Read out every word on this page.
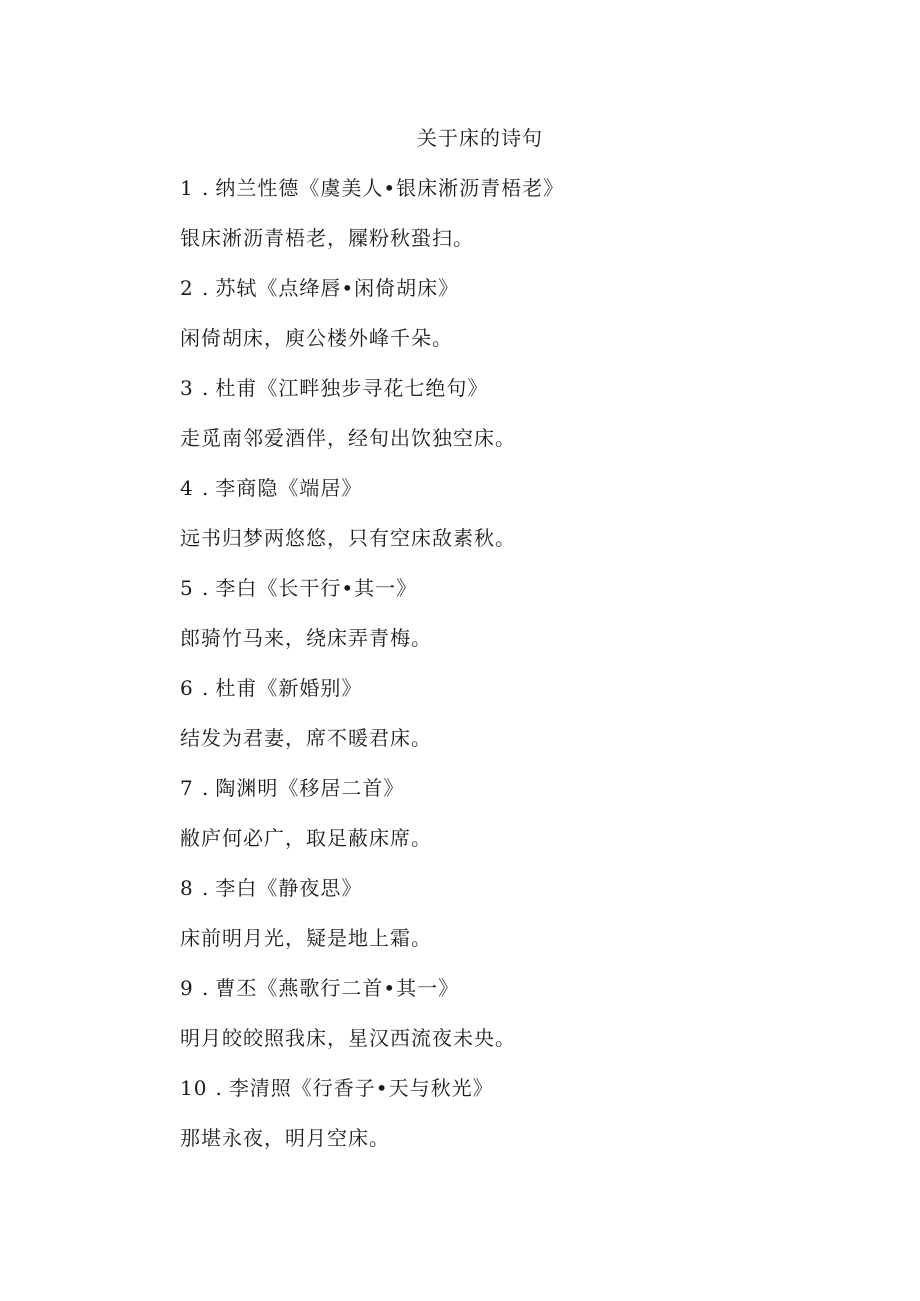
关于床的诗句
1 . 纳兰性德《虞美人•银床淅沥青梧老》
银床淅沥青梧老，屧粉秋蛩扫。
2 . 苏轼《点绛唇•闲倚胡床》
闲倚胡床，庾公楼外峰千朵。
3 . 杜甫《江畔独步寻花七绝句》
走觅南邻爱酒伴，经旬出饮独空床。
4 . 李商隐《端居》
远书归梦两悠悠，只有空床敌素秋。
5 . 李白《长干行•其一》
郎骑竹马来，绕床弄青梅。
6 . 杜甫《新婚别》
结发为君妻，席不暖君床。
7 . 陶渊明《移居二首》
敝庐何必广，取足蔽床席。
8 . 李白《静夜思》
床前明月光，疑是地上霜。
9 . 曹丕《燕歌行二首•其一》
明月皎皎照我床，星汉西流夜未央。
10 . 李清照《行香子•天与秋光》
那堪永夜，明月空床。
